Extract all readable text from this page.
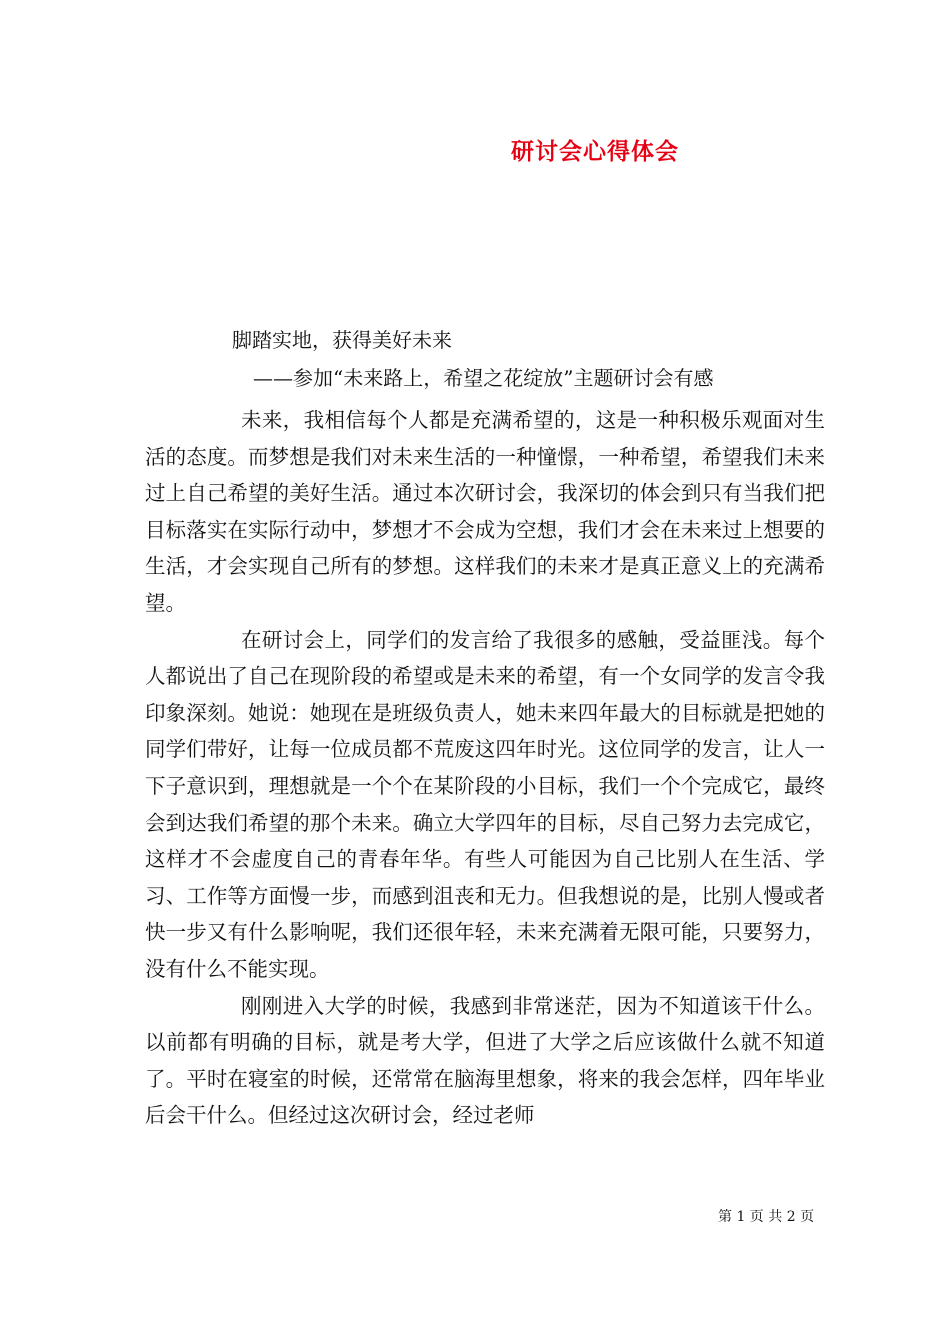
研讨会心得体会
脚踏实地，获得美好未来
——参加“未来路上，希望之花绽放”主题研讨会有感

未来，我相信每个人都是充满希望的，这是一种积极乐观面对生活的态度。而梦想是我们对未来生活的一种憧憬，一种希望，希望我们未来过上自己希望的美好生活。通过本次研讨会，我深切的体会到只有当我们把目标落实在实际行动中，梦想才不会成为空想，我们才会在未来过上想要的生活，才会实现自己所有的梦想。这样我们的未来才是真正意义上的充满希望。

在研讨会上，同学们的发言给了我很多的感触，受益匪浅。每个人都说出了自己在现阶段的希望或是未来的希望，有一个女同学的发言令我印象深刻。她说：她现在是班级负责人，她未来四年最大的目标就是把她的同学们带好，让每一位成员都不荒废这四年时光。这位同学的发言，让人一下子意识到，理想就是一个个在某阶段的小目标，我们一个个完成它，最终会到达我们希望的那个未来。确立大学四年的目标，尽自己努力去完成它，这样才不会虚度自己的青春年华。有些人可能因为自己比别人在生活、学习、工作等方面慢一步，而感到沮丧和无力。但我想说的是，比别人慢或者快一步又有什么影响呢，我们还很年轻，未来充满着无限可能，只要努力，没有什么不能实现。

刚刚进入大学的时候，我感到非常迷茫，因为不知道该干什么。以前都有明确的目标，就是考大学，但进了大学之后应该做什么就不知道了。平时在寝室的时候，还常常在脑海里想象，将来的我会怎样，四年毕业后会干什么。但经过这次研讨会，经过老师

第 1 页 共 2 页
